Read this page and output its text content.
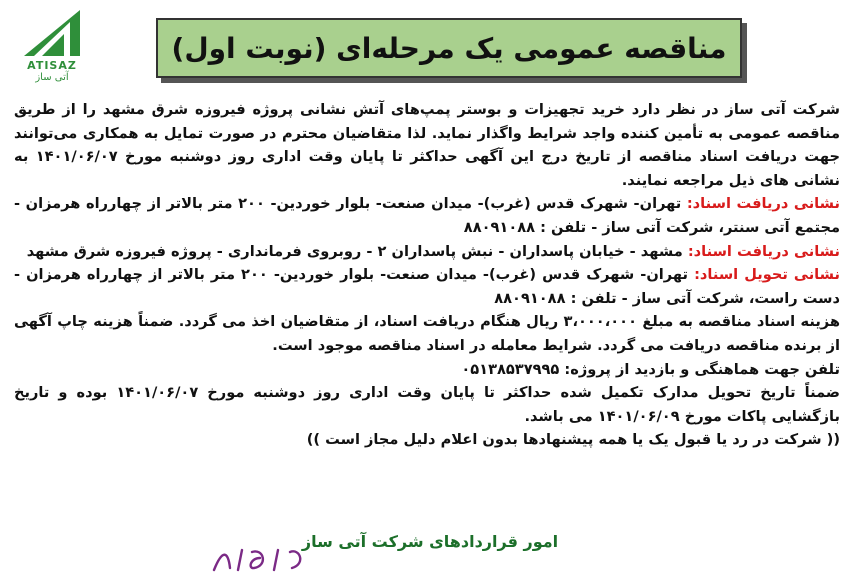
ATISAZ
آتی ساز
مناقصه عمومی یک مرحله‌ای (نوبت اول)

شرکت آتی ساز در نظر دارد خرید تجهیزات و بوستر پمپ‌های آتش نشانی پروژه فیروزه شرق مشهد را از طریق مناقصه عمومی به تأمین کننده واجد شرایط واگذار نماید. لذا متقاضیان محترم در صورت تمایل به همکاری می‌توانند جهت دریافت اسناد مناقصه از تاریخ درج این آگهی حداکثر تا پایان وقت اداری روز دوشنبه مورخ ۱۴۰۱/۰۶/۰۷ به نشانی های ذیل مراجعه نمایند.

نشانی دریافت اسناد: تهران- شهرک قدس (غرب)- میدان صنعت- بلوار خوردین- ۲۰۰ متر بالاتر از چهارراه هرمزان - مجتمع آتی سنتر، شرکت آتی ساز - تلفن : ۸۸۰۹۱۰۸۸

نشانی دریافت اسناد: مشهد - خیابان پاسداران - نبش پاسداران ۲ - روبروی فرمانداری - پروژه فیروزه شرق مشهد

نشانی تحویل اسناد: تهران- شهرک قدس (غرب)- میدان صنعت- بلوار خوردین- ۲۰۰ متر بالاتر از چهارراه هرمزان - دست راست، شرکت آتی ساز - تلفن : ۸۸۰۹۱۰۸۸

هزینه اسناد مناقصه به مبلغ ۳،۰۰۰،۰۰۰ ریال هنگام دریافت اسناد، از متقاضیان اخذ می گردد. ضمناً هزینه چاپ آگهی از برنده مناقصه دریافت می گردد. شرایط معامله در اسناد مناقصه موجود است.

تلفن جهت هماهنگی و بازدید از پروژه: ۰۵۱۳۸۵۳۷۹۹۵

ضمناً تاریخ تحویل مدارک تکمیل شده حداکثر تا پایان وقت اداری روز دوشنبه مورخ ۱۴۰۱/۰۶/۰۷ بوده و تاریخ بازگشایی پاکات مورخ ۱۴۰۱/۰۶/۰۹ می باشد.

(( شرکت در رد یا قبول یک یا همه پیشنهادها بدون اعلام دلیل مجاز است ))

امور قراردادهای شرکت آتی ساز
